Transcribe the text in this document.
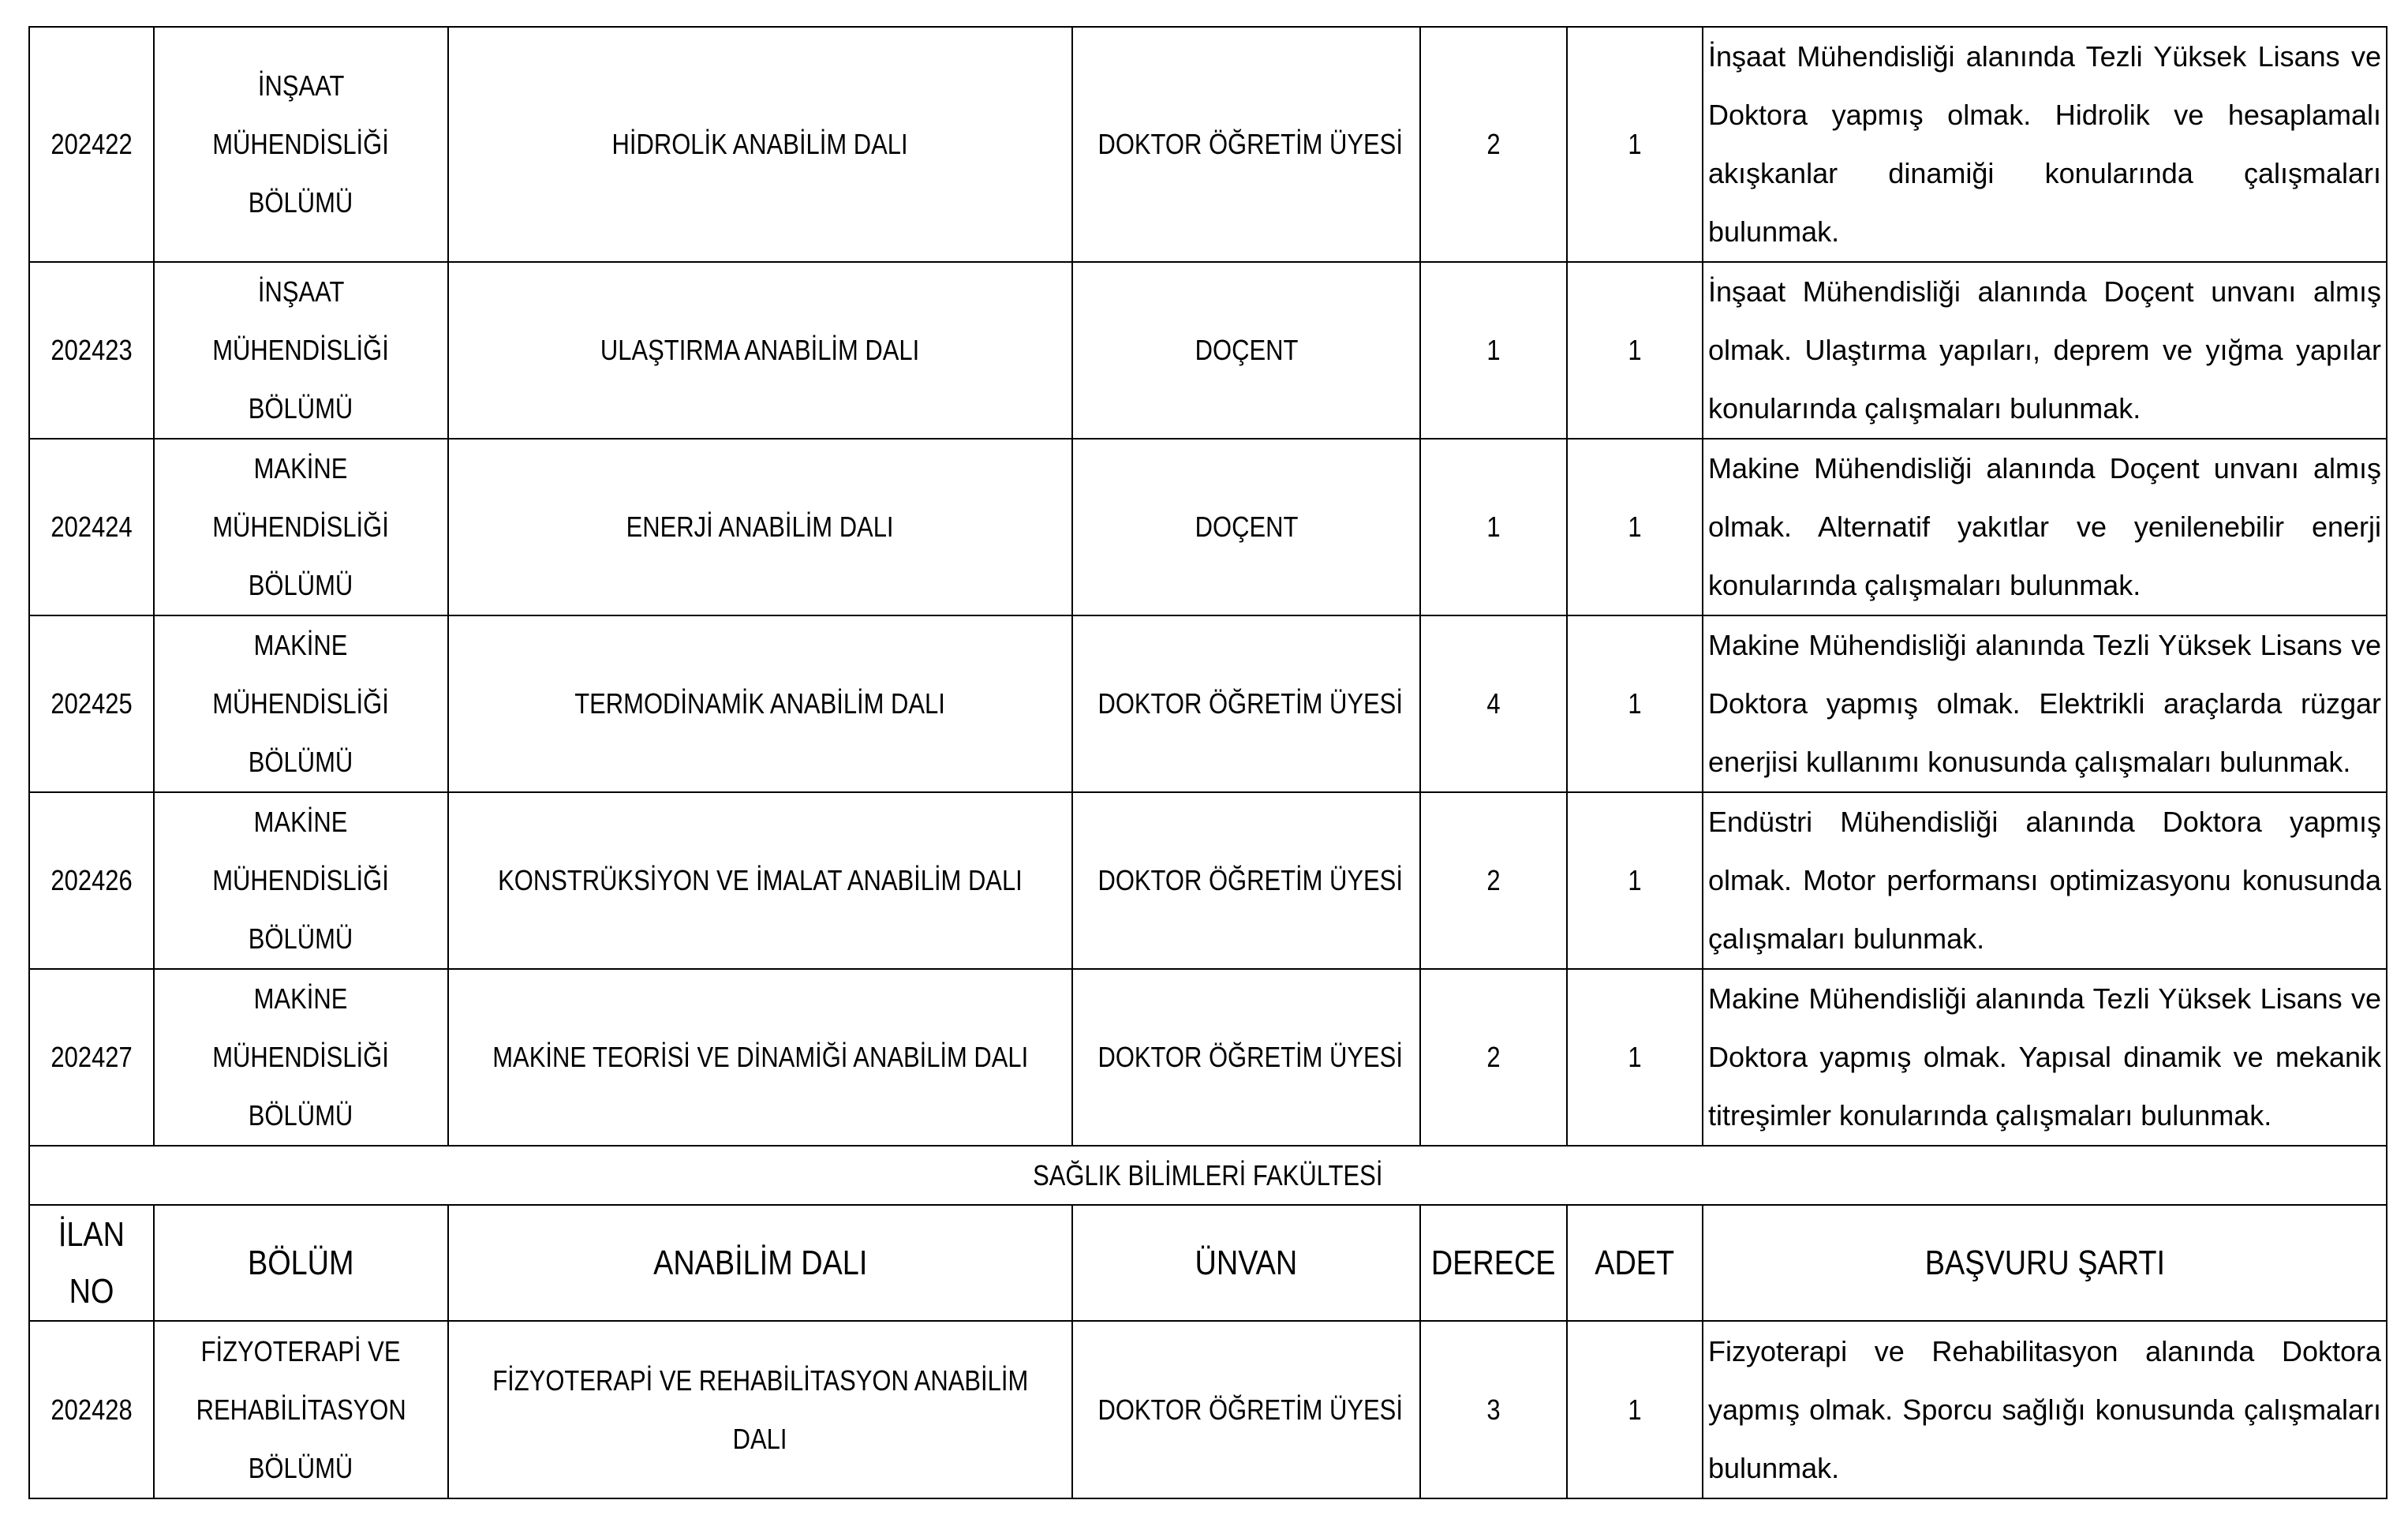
202422	İNŞAAT
MÜHENDİSLİĞİ
BÖLÜMÜ	HİDROLİK ANABİLİM DALI	DOKTOR ÖĞRETİM ÜYESİ	2	1	İnşaat Mühendisliği alanında Tezli Yüksek Lisans ve Doktora yapmış olmak. Hidrolik ve hesaplamalı akışkanlar dinamiği konularında çalışmaları bulunmak.
202423	İNŞAAT
MÜHENDİSLİĞİ
BÖLÜMÜ	ULAŞTIRMA ANABİLİM DALI	DOÇENT	1	1	İnşaat Mühendisliği alanında Doçent unvanı almış olmak. Ulaştırma yapıları, deprem ve yığma yapılar konularında çalışmaları bulunmak.
202424	MAKİNE
MÜHENDİSLİĞİ
BÖLÜMÜ	ENERJİ ANABİLİM DALI	DOÇENT	1	1	Makine Mühendisliği alanında Doçent unvanı almış olmak. Alternatif yakıtlar ve yenilenebilir enerji konularında çalışmaları bulunmak.
202425	MAKİNE
MÜHENDİSLİĞİ
BÖLÜMÜ	TERMODİNAMİK ANABİLİM DALI	DOKTOR ÖĞRETİM ÜYESİ	4	1	Makine Mühendisliği alanında Tezli Yüksek Lisans ve Doktora yapmış olmak. Elektrikli araçlarda rüzgar enerjisi kullanımı konusunda çalışmaları bulunmak.
202426	MAKİNE
MÜHENDİSLİĞİ
BÖLÜMÜ	KONSTRÜKSİYON VE İMALAT ANABİLİM DALI	DOKTOR ÖĞRETİM ÜYESİ	2	1	Endüstri Mühendisliği alanında Doktora yapmış olmak. Motor performansı optimizasyonu konusunda çalışmaları bulunmak.
202427	MAKİNE
MÜHENDİSLİĞİ
BÖLÜMÜ	MAKİNE TEORİSİ VE DİNAMİĞİ ANABİLİM DALI	DOKTOR ÖĞRETİM ÜYESİ	2	1	Makine Mühendisliği alanında Tezli Yüksek Lisans ve Doktora yapmış olmak. Yapısal dinamik ve mekanik titreşimler konularında çalışmaları bulunmak.
SAĞLIK BİLİMLERİ FAKÜLTESİ						

İLAN
NO	BÖLÜM	ANABİLİM DALI	ÜNVAN	DERECE	ADET	BAŞVURU ŞARTI
202428	FİZYOTERAPİ VE
REHABİLİTASYON
BÖLÜMÜ	FİZYOTERAPİ VE REHABİLİTASYON ANABİLİM
DALI	DOKTOR ÖĞRETİM ÜYESİ	3	1	Fizyoterapi ve Rehabilitasyon alanında Doktora yapmış olmak. Sporcu sağlığı konusunda çalışmaları bulunmak.
